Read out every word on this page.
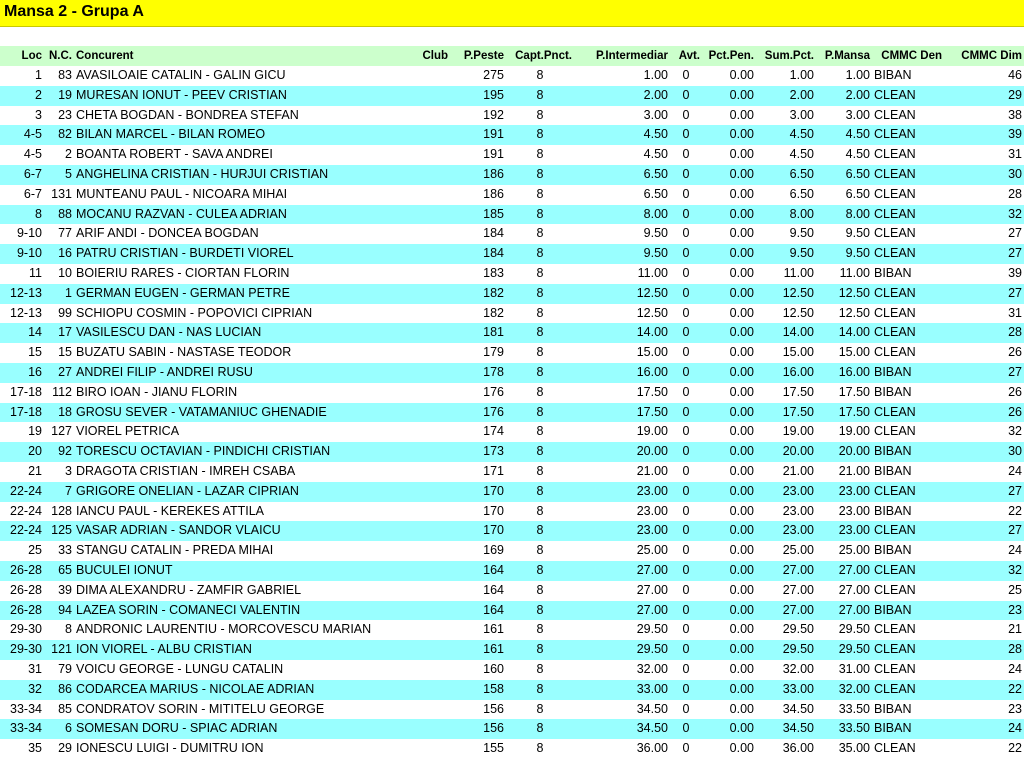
Mansa 2 - Grupa A
Loc	N.C.	Concurent	Club	P.Peste	Capt.Pnct.	P.Intermediar	Avt.	Pct.Pen.	Sum.Pct.	P.Mansa	CMMC Den	CMMC Dim
1	83	AVASILOAIE CATALIN - GALIN GICU		275	8	1.00	0	0.00	1.00	1.00	BIBAN	46
2	19	MURESAN IONUT - PEEV CRISTIAN		195	8	2.00	0	0.00	2.00	2.00	CLEAN	29
3	23	CHETA BOGDAN - BONDREA STEFAN		192	8	3.00	0	0.00	3.00	3.00	CLEAN	38
4-5	82	BILAN MARCEL - BILAN ROMEO		191	8	4.50	0	0.00	4.50	4.50	CLEAN	39
4-5	2	BOANTA ROBERT - SAVA ANDREI		191	8	4.50	0	0.00	4.50	4.50	CLEAN	31
6-7	5	ANGHELINA CRISTIAN - HURJUI CRISTIAN		186	8	6.50	0	0.00	6.50	6.50	CLEAN	30
6-7	131	MUNTEANU PAUL - NICOARA MIHAI		186	8	6.50	0	0.00	6.50	6.50	CLEAN	28
8	88	MOCANU RAZVAN - CULEA ADRIAN		185	8	8.00	0	0.00	8.00	8.00	CLEAN	32
9-10	77	ARIF ANDI - DONCEA BOGDAN		184	8	9.50	0	0.00	9.50	9.50	CLEAN	27
9-10	16	PATRU CRISTIAN - BURDETI VIOREL		184	8	9.50	0	0.00	9.50	9.50	CLEAN	27
11	10	BOIERIU RARES - CIORTAN FLORIN		183	8	11.00	0	0.00	11.00	11.00	BIBAN	39
12-13	1	GERMAN EUGEN - GERMAN PETRE		182	8	12.50	0	0.00	12.50	12.50	CLEAN	27
12-13	99	SCHIOPU COSMIN - POPOVICI CIPRIAN		182	8	12.50	0	0.00	12.50	12.50	CLEAN	31
14	17	VASILESCU DAN - NAS LUCIAN		181	8	14.00	0	0.00	14.00	14.00	CLEAN	28
15	15	BUZATU SABIN - NASTASE TEODOR		179	8	15.00	0	0.00	15.00	15.00	CLEAN	26
16	27	ANDREI FILIP - ANDREI RUSU		178	8	16.00	0	0.00	16.00	16.00	BIBAN	27
17-18	112	BIRO IOAN - JIANU FLORIN		176	8	17.50	0	0.00	17.50	17.50	BIBAN	26
17-18	18	GROSU SEVER - VATAMANIUC GHENADIE		176	8	17.50	0	0.00	17.50	17.50	CLEAN	26
19	127	VIOREL PETRICA		174	8	19.00	0	0.00	19.00	19.00	CLEAN	32
20	92	TORESCU OCTAVIAN - PINDICHI CRISTIAN		173	8	20.00	0	0.00	20.00	20.00	BIBAN	30
21	3	DRAGOTA CRISTIAN - IMREH CSABA		171	8	21.00	0	0.00	21.00	21.00	BIBAN	24
22-24	7	GRIGORE ONELIAN - LAZAR CIPRIAN		170	8	23.00	0	0.00	23.00	23.00	CLEAN	27
22-24	128	IANCU PAUL - KEREKES ATTILA		170	8	23.00	0	0.00	23.00	23.00	BIBAN	22
22-24	125	VASAR ADRIAN - SANDOR VLAICU		170	8	23.00	0	0.00	23.00	23.00	CLEAN	27
25	33	STANGU CATALIN - PREDA MIHAI		169	8	25.00	0	0.00	25.00	25.00	BIBAN	24
26-28	65	BUCULEI IONUT		164	8	27.00	0	0.00	27.00	27.00	CLEAN	32
26-28	39	DIMA ALEXANDRU - ZAMFIR GABRIEL		164	8	27.00	0	0.00	27.00	27.00	CLEAN	25
26-28	94	LAZEA SORIN - COMANECI VALENTIN		164	8	27.00	0	0.00	27.00	27.00	BIBAN	23
29-30	8	ANDRONIC LAURENTIU - MORCOVESCU MARIAN		161	8	29.50	0	0.00	29.50	29.50	CLEAN	21
29-30	121	ION VIOREL - ALBU CRISTIAN		161	8	29.50	0	0.00	29.50	29.50	CLEAN	28
31	79	VOICU GEORGE - LUNGU CATALIN		160	8	32.00	0	0.00	32.00	31.00	CLEAN	24
32	86	CODARCEA MARIUS - NICOLAE ADRIAN		158	8	33.00	0	0.00	33.00	32.00	CLEAN	22
33-34	85	CONDRATOV SORIN - MITITELU GEORGE		156	8	34.50	0	0.00	34.50	33.50	BIBAN	23
33-34	6	SOMESAN DORU - SPIAC ADRIAN		156	8	34.50	0	0.00	34.50	33.50	BIBAN	24
35	29	IONESCU LUIGI - DUMITRU ION		155	8	36.00	0	0.00	36.00	35.00	CLEAN	22
